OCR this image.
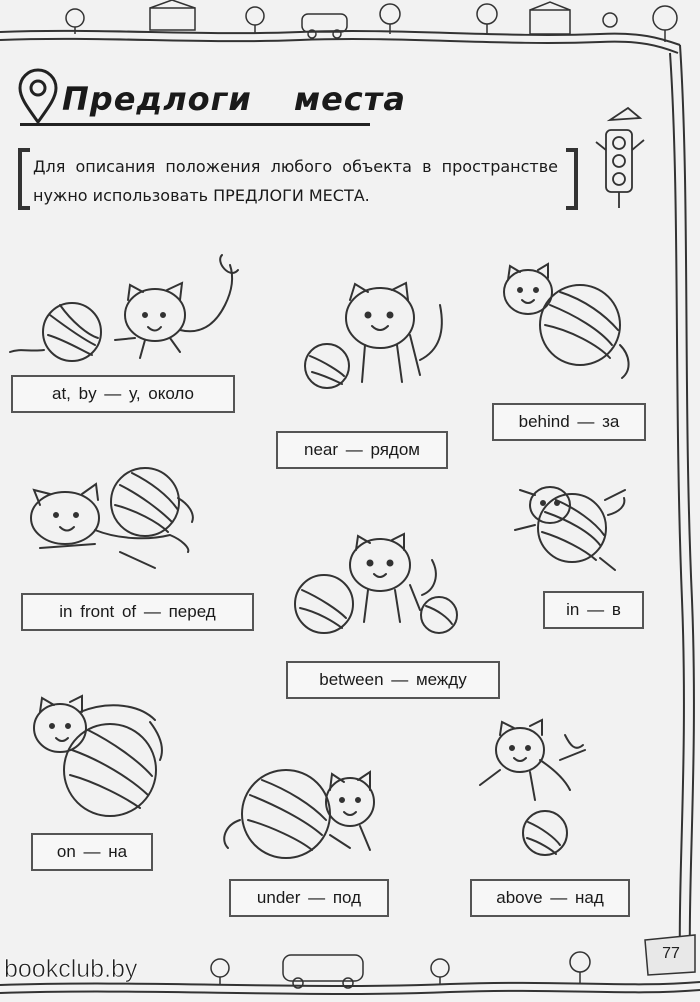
Предлоги места
Для описания положения любого объекта в пространстве нужно использовать ПРЕДЛОГИ МЕСТА.
at, by — у, около
near — рядом
behind — за
in front of — перед	in — в
between — между
on — на
under — под	above — над
77
bookclub.by
